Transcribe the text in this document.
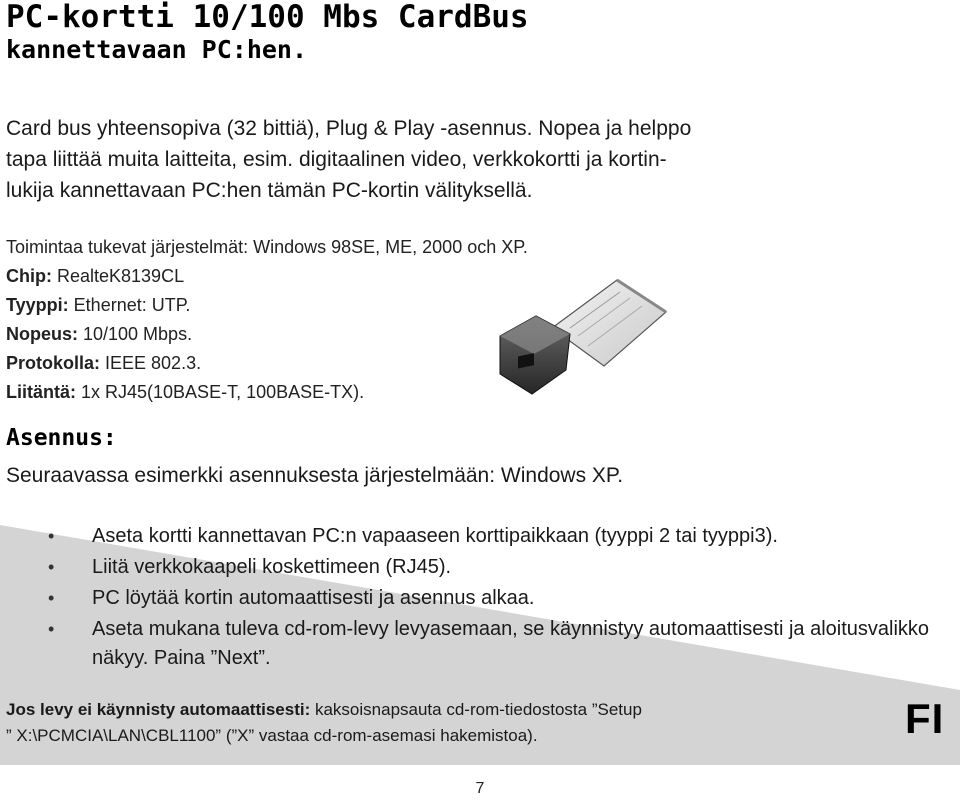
PC-kortti 10/100 Mbs CardBus
kannettavaan PC:hen.

Card bus yhteensopiva (32 bittiä), Plug & Play -asennus. Nopea ja helppo
tapa liittää muita laitteita, esim. digitaalinen video, verkkokortti ja kortin-
lukija kannettavaan PC:hen tämän PC-kortin välityksellä.

Toimintaa tukevat järjestelmät: Windows 98SE, ME, 2000 och XP.
Chip: RealteK8139CL
Tyyppi: Ethernet: UTP.
Nopeus: 10/100 Mbps.
Protokolla: IEEE 802.3.
Liitäntä: 1x RJ45(10BASE-T, 100BASE-TX).
Asennus:

Seuraavassa esimerkki asennuksesta järjestelmään: Windows XP.

• Aseta kortti kannettavan PC:n vapaaseen korttipaikkaan (tyyppi 2 tai tyyppi3).
• Liitä verkkokaapeli koskettimeen (RJ45).
• PC löytää kortin automaattisesti ja asennus alkaa.
• Aseta mukana tuleva cd-rom-levy levyasemaan, se käynnistyy automaattisesti ja aloitusvalikko näkyy. Paina ”Next”.

Jos levy ei käynnisty automaattisesti: kaksoisnapsauta cd-rom-tiedostosta ”Setup
” X:\PCMCIA\LAN\CBL1100” (”X” vastaa cd-rom-asemasi hakemistoa).	FI
7
